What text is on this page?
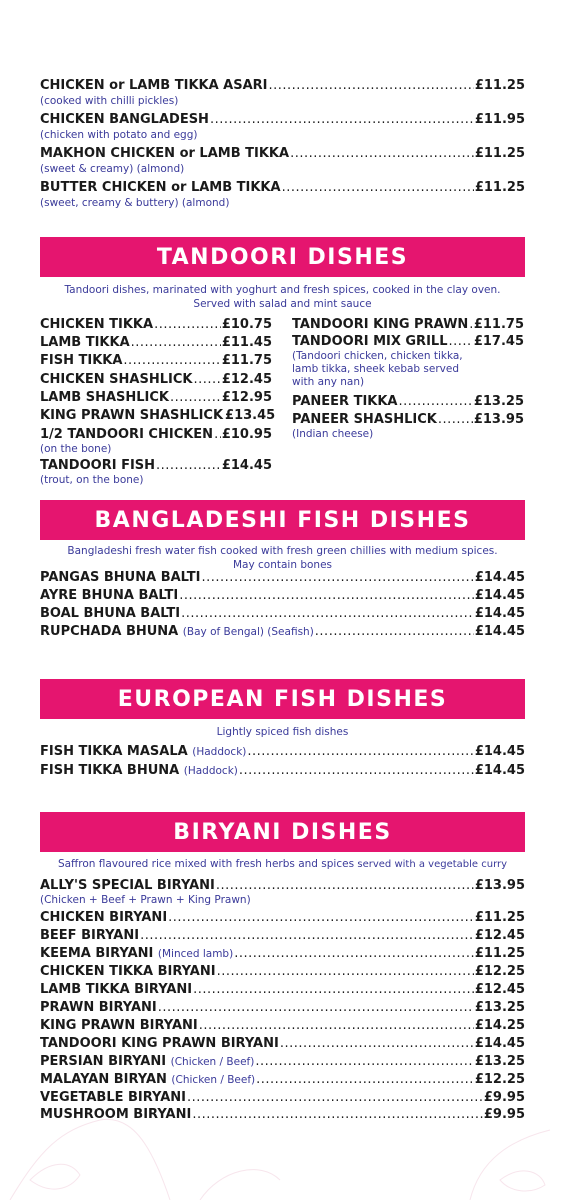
CHICKEN or LAMB TIKKA ASARI .....	£11.25
(cooked with chilli pickles)
CHICKEN BANGLADESH .....	£11.95
(chicken with potato and egg)
MAKHON CHICKEN or LAMB TIKKA .....	£11.25
(sweet & creamy) (almond)
BUTTER CHICKEN or LAMB TIKKA .....	£11.25
(sweet, creamy & buttery) (almond)
TANDOORI DISHES
Tandoori dishes, marinated with yoghurt and fresh spices, cooked in the clay oven.
Served with salad and mint sauce
CHICKEN TIKKA .....	£10.75
LAMB TIKKA .....	£11.45
FISH TIKKA .....	£11.75
CHICKEN SHASHLICK ..... £12.45
LAMB SHASHLICK .....	£12.95
KING PRAWN SHASHLICK £13.45
1/2 TANDOORI CHICKEN ..... £10.95
(on the bone)
TANDOORI FISH .....	£14.45
(trout, on the bone)
TANDOORI KING PRAWN ..... £11.75
TANDOORI MIX GRILL ..... £17.45
(Tandoori chicken, chicken tikka,
lamb tikka, sheek kebab served
with any nan)
PANEER TIKKA .....	£13.25
PANEER SHASHLICK .....	£13.95
(Indian cheese)
BANGLADESHI FISH DISHES
Bangladeshi fresh water fish cooked with fresh green chillies with medium spices.
May contain bones
PANGAS BHUNA BALTI .....	£14.45
AYRE BHUNA BALTI .....	£14.45
BOAL BHUNA BALTI .....	£14.45
RUPCHADA BHUNA (Bay of Bengal) (Seafish) .....	£14.45
EUROPEAN FISH DISHES
Lightly spiced fish dishes
FISH TIKKA MASALA (Haddock) .....	£14.45
FISH TIKKA BHUNA (Haddock) .....	£14.45
BIRYANI DISHES
Saffron flavoured rice mixed with fresh herbs and spices served with a vegetable curry
ALLY'S SPECIAL BIRYANI .....	£13.95
(Chicken + Beef + Prawn + King Prawn)
CHICKEN BIRYANI .....	£11.25
BEEF BIRYANI .....	£12.45
KEEMA BIRYANI (Minced lamb) .....	£11.25
CHICKEN TIKKA BIRYANI .....	£12.25
LAMB TIKKA BIRYANI .....	£12.45
PRAWN BIRYANI .....	£13.25
KING PRAWN BIRYANI .....	£14.25
TANDOORI KING PRAWN BIRYANI .....	£14.45
PERSIAN BIRYANI (Chicken / Beef) .....	£13.25
MALAYAN BIRYAN (Chicken / Beef) .....	£12.25
VEGETABLE BIRYANI .....	£9.95
MUSHROOM BIRYANI .....	£9.95
